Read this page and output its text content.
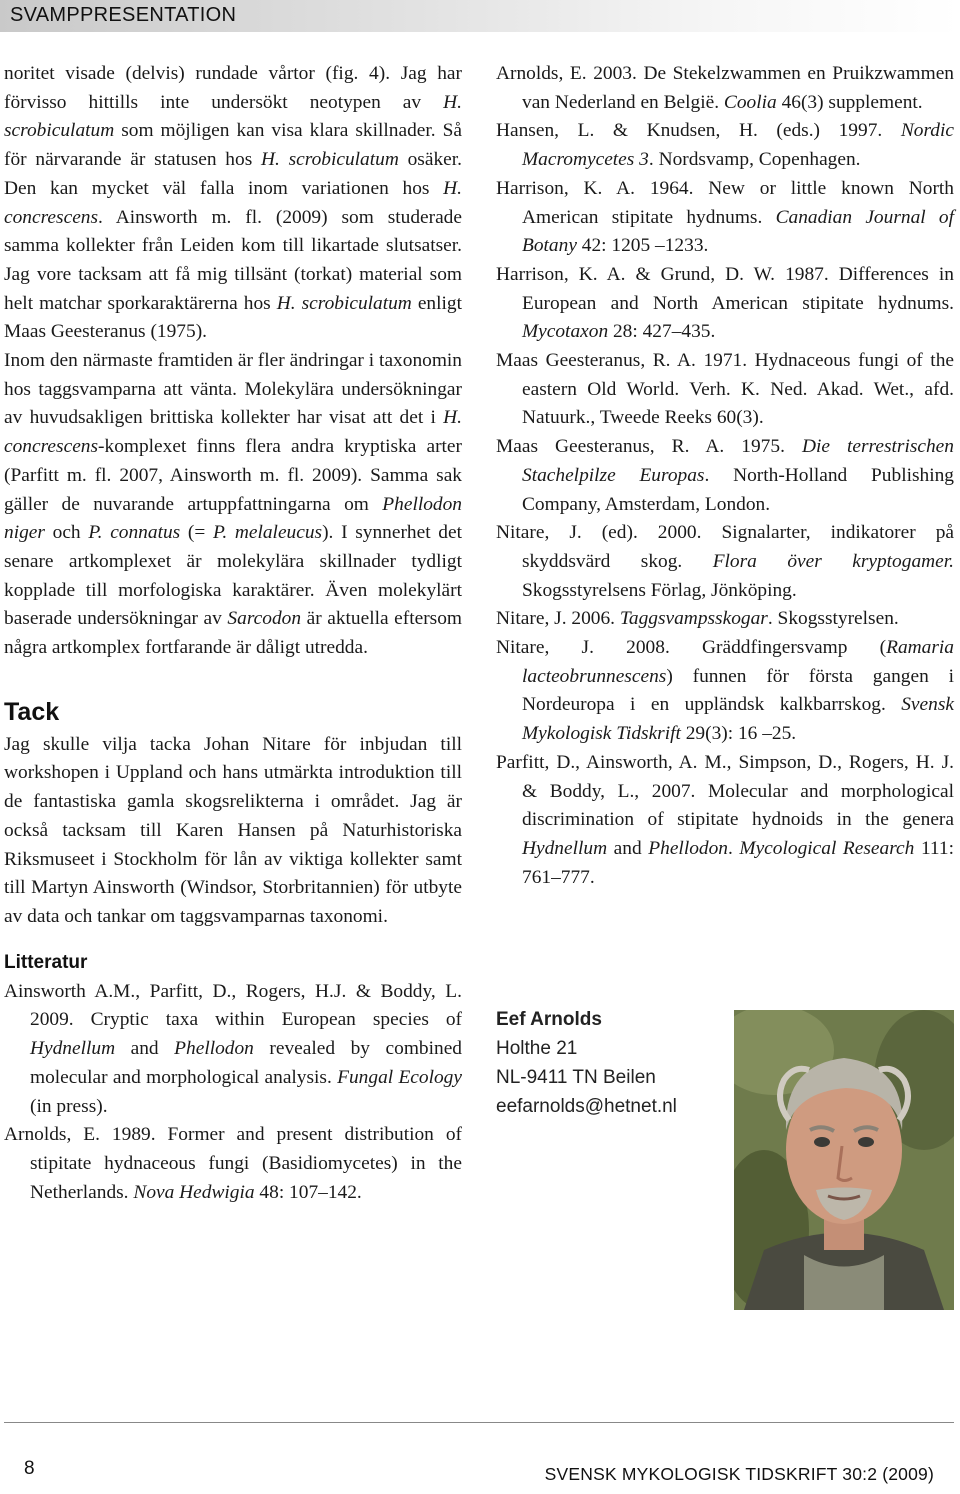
SVAMPPRESENTATION

noritet visade (delvis) rundade vårtor (fig. 4). Jag har förvisso hittills inte undersökt neotypen av H. scrobiculatum som möjligen kan visa klara skillnader. Så för närvarande är statusen hos H. scrobiculatum osäker. Den kan mycket väl falla inom variationen hos H. concrescens. Ainsworth m. fl. (2009) som studerade samma kollekter från Leiden kom till likartade slutsatser. Jag vore tacksam att få mig tillsänt (torkat) material som helt matchar sporkaraktärerna hos H. scrobiculatum enligt Maas Geesteranus (1975).

Inom den närmaste framtiden är fler ändringar i taxonomin hos taggsvamparna att vänta. Molekylära undersökningar av huvudsakligen brittiska kollekter har visat att det i H. concrescens-komplexet finns flera andra kryptiska arter (Parfitt m. fl. 2007, Ainsworth m. fl. 2009). Samma sak gäller de nuvarande artuppfattningarna om Phellodon niger och P. connatus (= P. melaleucus). I synnerhet det senare artkomplexet är molekylära skillnader tydligt kopplade till morfologiska karaktärer. Även molekylärt baserade undersökningar av Sarcodon är aktuella eftersom några artkomplex fortfarande är dåligt utredda.

Tack

Jag skulle vilja tacka Johan Nitare för inbjudan till workshopen i Uppland och hans utmärkta introduktion till de fantastiska gamla skogsrelikterna i området. Jag är också tacksam till Karen Hansen på Naturhistoriska Riksmuseet i Stockholm för lån av viktiga kollekter samt till Martyn Ainsworth (Windsor, Storbritannien) för utbyte av data och tankar om taggsvamparnas taxonomi.

Litteratur

Ainsworth A.M., Parfitt, D., Rogers, H.J. & Boddy, L. 2009. Cryptic taxa within European species of Hydnellum and Phellodon revealed by combined molecular and morphological analysis. Fungal Ecology (in press).

Arnolds, E. 1989. Former and present distribution of stipitate hydnaceous fungi (Basidiomycetes) in the Netherlands. Nova Hedwigia 48: 107–142.

Arnolds, E. 2003. De Stekelzwammen en Pruikzwammen van Nederland en België. Coolia 46(3) supplement.

Hansen, L. & Knudsen, H. (eds.) 1997. Nordic Macromycetes 3. Nordsvamp, Copenhagen.

Harrison, K. A. 1964. New or little known North American stipitate hydnums. Canadian Journal of Botany 42: 1205 –1233.

Harrison, K. A. & Grund, D. W. 1987. Differences in European and North American stipitate hydnums. Mycotaxon 28: 427–435.

Maas Geesteranus, R. A. 1971. Hydnaceous fungi of the eastern Old World. Verh. K. Ned. Akad. Wet., afd. Natuurk., Tweede Reeks 60(3).

Maas Geesteranus, R. A. 1975. Die terrestrischen Stachelpilze Europas. North-Holland Publishing Company, Amsterdam, London.

Nitare, J. (ed). 2000. Signalarter, indikatorer på skyddsvärd skog. Flora över kryptogamer. Skogsstyrelsens Förlag, Jönköping.

Nitare, J. 2006. Taggsvampsskogar. Skogsstyrelsen.

Nitare, J. 2008. Gräddfingersvamp (Ramaria lacteobrunnescens) funnen för första gangen i Nordeuropa i en uppländsk kalkbarrskog. Svensk Mykologisk Tidskrift 29(3): 16 –25.

Parfitt, D., Ainsworth, A. M., Simpson, D., Rogers, H. J. & Boddy, L., 2007. Molecular and morphological discrimination of stipitate hydnoids in the genera Hydnellum and Phellodon. Mycological Research 111: 761–777.

Eef Arnolds
Holthe 21
NL-9411 TN Beilen
eefarnolds@hetnet.nl
8	SVENSK MYKOLOGISK TIDSKRIFT 30:2 (2009)
